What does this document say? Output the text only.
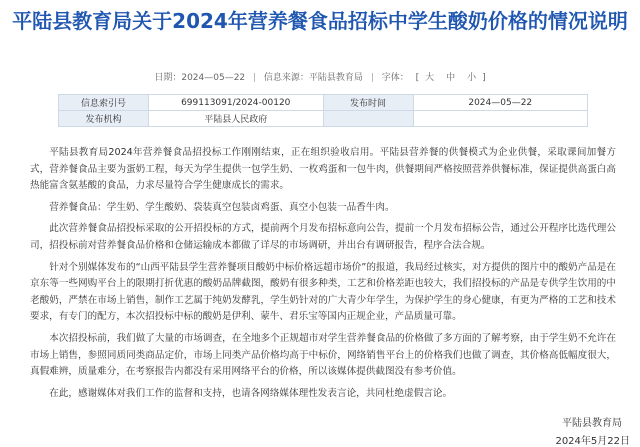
平陆县教育局关于2024年营养餐食品招标中学生酸奶价格的情况说明
日期：2024—05—22 信息来源：平陆县教育局 字体： [ 大 中 小 ]
信息索引号	699113091/2024-00120	发布时间	2024—05—22
发布机构	平陆县人民政府		

平陆县教育局2024年营养餐食品招投标工作刚刚结束，正在组织验收启用。平陆县营养餐的供餐模式为企业供餐，采取课间加餐方式，营养餐食品主要为蛋奶工程，每天为学生提供一包学生奶、一枚鸡蛋和一包牛肉，供餐期间严格按照营养供餐标准，保证提供高蛋白高热能富含氨基酸的食品，力求尽量符合学生健康成长的需求。

营养餐食品：学生奶、学生酸奶、袋装真空包装卤鸡蛋、真空小包装一品香牛肉。

此次营养餐食品招投标采取的公开招投标的方式，提前两个月发布招标意向公告，提前一个月发布招标公告，通过公开程序比选代理公司，招投标前对营养餐食品价格和仓储运输成本都做了详尽的市场调研，并出台有调研报告，程序合法合规。

针对个别媒体发布的“山西平陆县学生营养餐项目酸奶中标价格远超市场价”的报道，我局经过核实，对方提供的图片中的酸奶产品是在京东等一些网购平台上的限期打折优惠的酸奶品牌截图，酸奶有很多种类，工艺和价格差距也较大，我们招投标的产品是专供学生饮用的中老酸奶，严禁在市场上销售，制作工艺属于纯奶发酵乳，学生奶针对的广大青少年学生，为保护学生的身心健康，有更为严格的工艺和技术要求，有专门的配方，本次招投标中标的酸奶是伊利、蒙牛、君乐宝等国内正规企业，产品质量可靠。

本次招投标前，我们做了大量的市场调查，在全地多个正规超市对学生营养餐食品的价格做了多方面的了解考察，由于学生奶不允许在市场上销售，参照同质同类商品定价，市场上同类产品价格均高于中标价，网络销售平台上的价格我们也做了调查，其价格高低幅度很大，真假难辨，质量难分，在考察报告内都没有采用网络平台的价格，所以该媒体提供截图没有参考价值。

在此，感谢媒体对我们工作的监督和支持，也请各网络媒体理性发表言论，共同杜绝虚假言论。

平陆县教育局
2024年5月22日
